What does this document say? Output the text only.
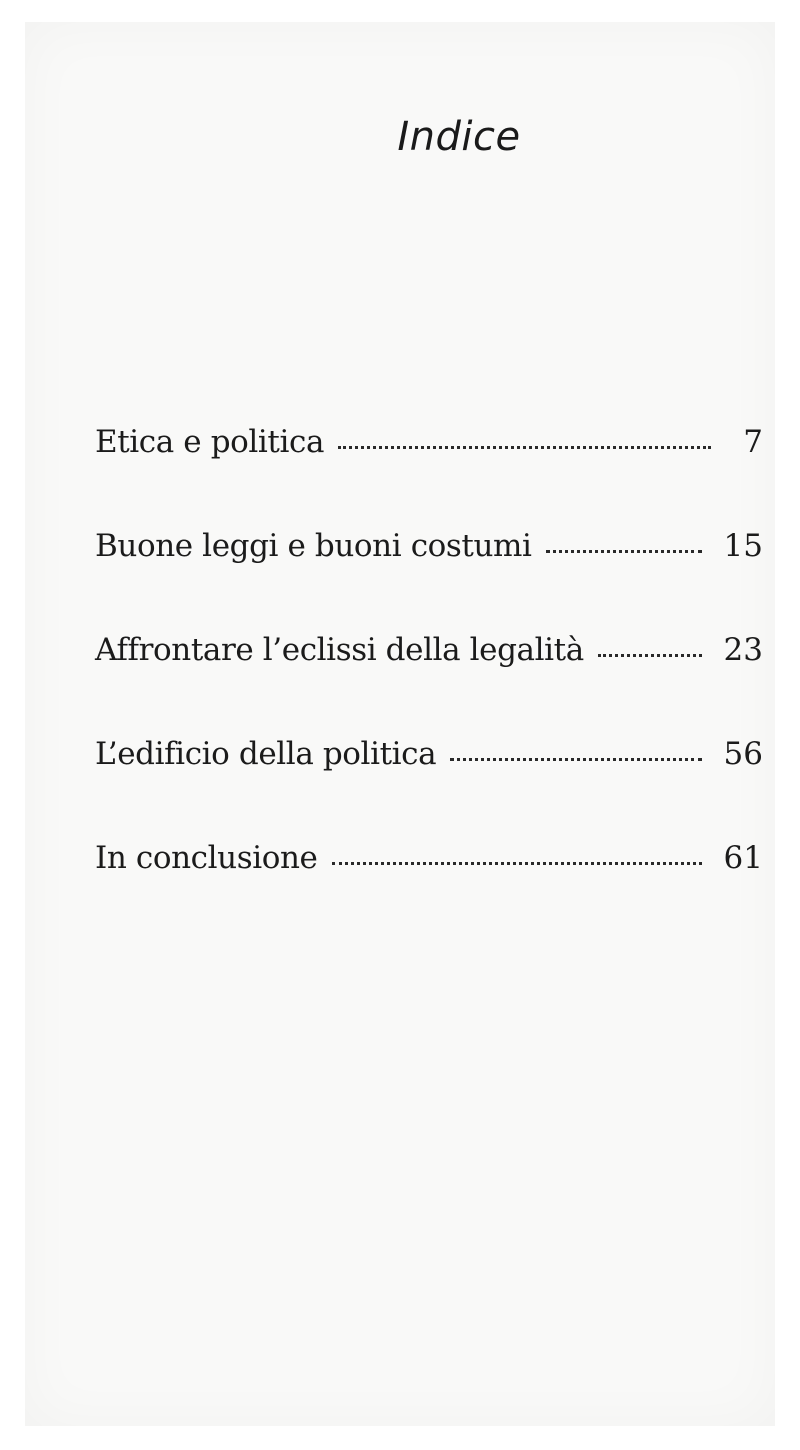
Indice
Etica e politica	7
Buone leggi e buoni costumi	15
Affrontare l’eclissi della legalità	23
L’edificio della politica	56
In conclusione	61
